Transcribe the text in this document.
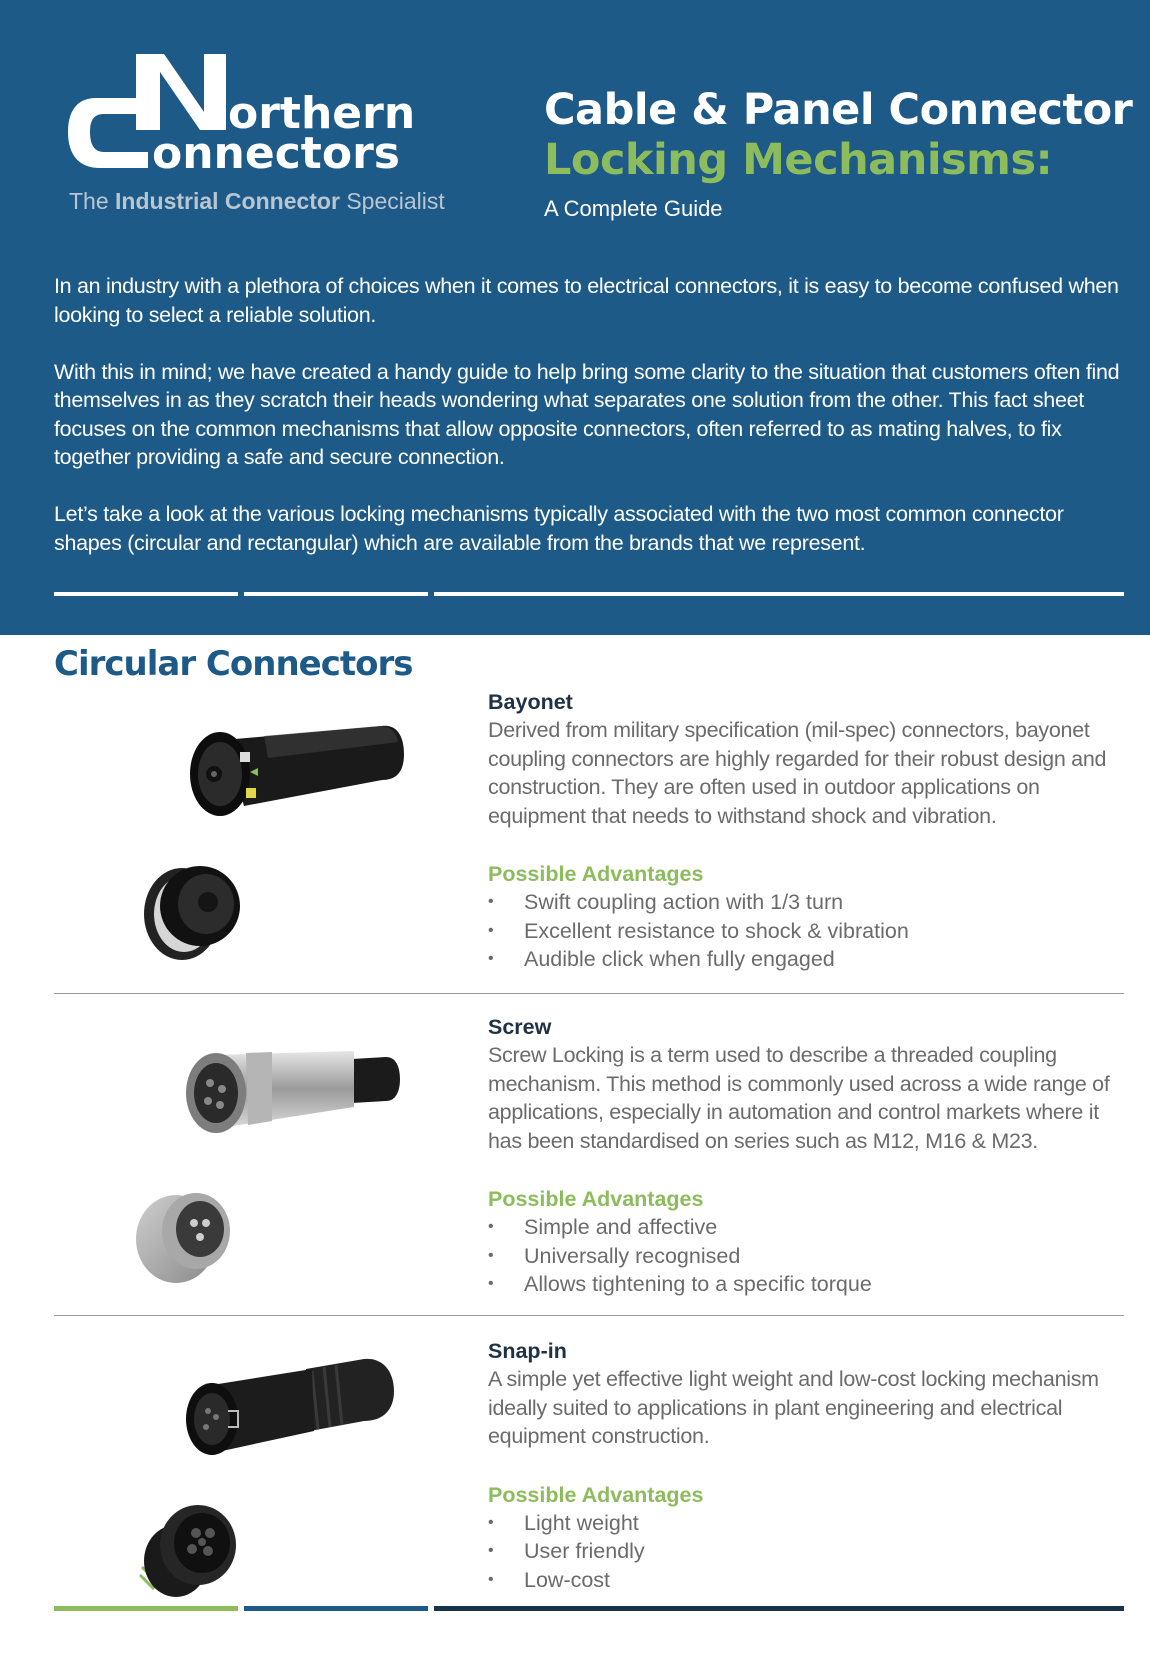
orthern
onnectors
The Industrial Connector Specialist
Cable & Panel Connector
Locking Mechanisms:
A Complete Guide

In an industry with a plethora of choices when it comes to electrical connectors, it is easy to become confused when looking to select a reliable solution.

With this in mind; we have created a handy guide to help bring some clarity to the situation that customers often find themselves in as they scratch their heads wondering what separates one solution from the other. This fact sheet focuses on the common mechanisms that allow opposite connectors, often referred to as mating halves, to fix together providing a safe and secure connection.

Let’s take a look at the various locking mechanisms typically associated with the two most common connector shapes (circular and rectangular) which are available from the brands that we represent.

Circular Connectors
Bayonet
Derived from military specification (mil-spec) connectors, bayonet coupling connectors are highly regarded for their robust design and construction. They are often used in outdoor applications on equipment that needs to withstand shock and vibration.
Possible Advantages
• Swift coupling action with 1/3 turn
• Excellent resistance to shock & vibration
• Audible click when fully engaged
Screw
Screw Locking is a term used to describe a threaded coupling mechanism. This method is commonly used across a wide range of applications, especially in automation and control markets where it has been standardised on series such as M12, M16 & M23.
Possible Advantages
• Simple and affective
• Universally recognised
• Allows tightening to a specific torque
Snap-in
A simple yet effective light weight and low-cost locking mechanism ideally suited to applications in plant engineering and electrical equipment construction.
Possible Advantages
• Light weight
• User friendly
• Low-cost
